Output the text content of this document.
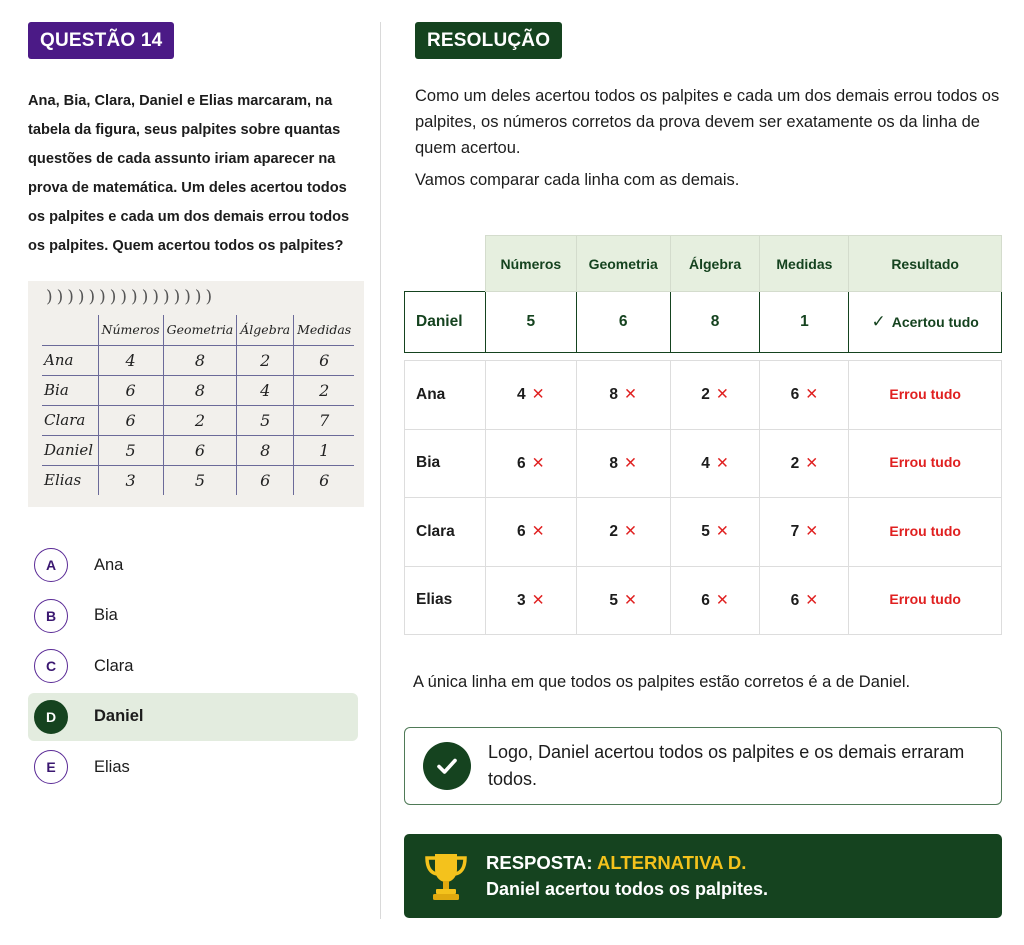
QUESTÃO 14

Ana, Bia, Clara, Daniel e Elias marcaram, na tabela da figura, seus palpites sobre quantas questões de cada assunto iriam aparecer na prova de matemática. Um deles acertou todos os palpites e cada um dos demais errou todos os palpites. Quem acertou todos os palpites?

))))))))))))))))
	Números	Geometria	Álgebra	Medidas
Ana	4	8	2	6
Bia	6	8	4	2
Clara	6	2	5	7
Daniel	5	6	8	1
Elias	3	5	6	6
A	Ana
B	Bia
C	Clara
D	Daniel
E	Elias
RESOLUÇÃO

Como um deles acertou todos os palpites e cada um dos demais errou todos os palpites, os números corretos da prova devem ser exatamente os da linha de quem acertou.

Vamos comparar cada linha com as demais.

	Números	Geometria	Álgebra	Medidas	Resultado
Daniel	5	6	8	1	✓ Acertou tudo

Ana	4 ✕	8 ✕	2 ✕	6 ✕	Errou tudo
Bia	6 ✕	8 ✕	4 ✕	2 ✕	Errou tudo
Clara	6 ✕	2 ✕	5 ✕	7 ✕	Errou tudo
Elias	3 ✕	5 ✕	6 ✕	6 ✕	Errou tudo

A única linha em que todos os palpites estão corretos é a de Daniel.

Logo, Daniel acertou todos os palpites e os demais erraram todos.

RESPOSTA: ALTERNATIVA D.
Daniel acertou todos os palpites.
